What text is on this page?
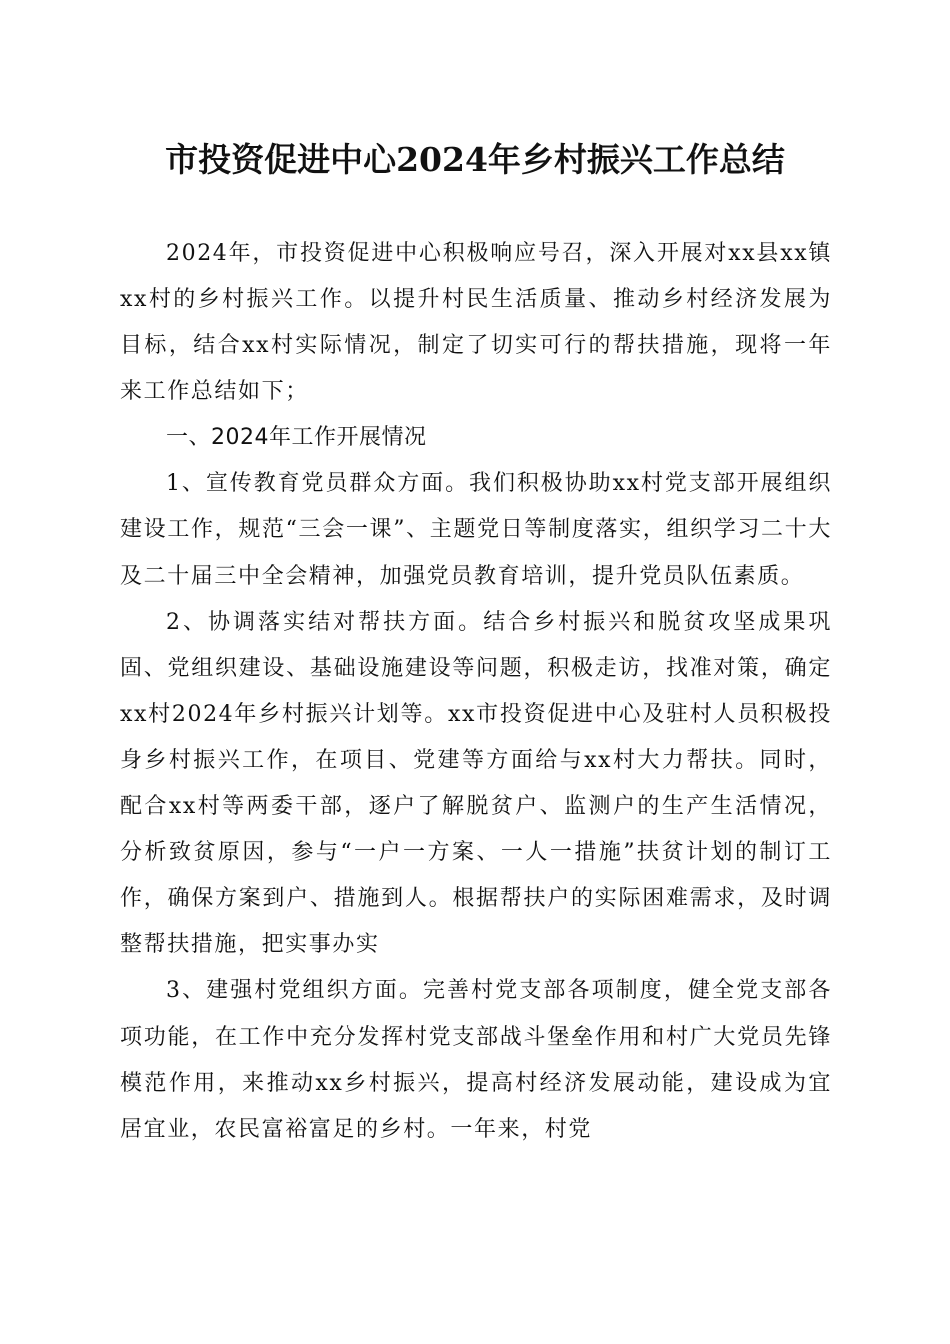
市投资促进中心2024年乡村振兴工作总结

2024年，市投资促进中心积极响应号召，深入开展对xx县xx镇xx村的乡村振兴工作。以提升村民生活质量、推动乡村经济发展为目标，结合xx村实际情况，制定了切实可行的帮扶措施，现将一年来工作总结如下；

一、2024年工作开展情况

1、宣传教育党员群众方面。我们积极协助xx村党支部开展组织建设工作，规范“三会一课”、主题党日等制度落实，组织学习二十大及二十届三中全会精神，加强党员教育培训，提升党员队伍素质。

2、协调落实结对帮扶方面。结合乡村振兴和脱贫攻坚成果巩固、党组织建设、基础设施建设等问题，积极走访，找准对策，确定xx村2024年乡村振兴计划等。xx市投资促进中心及驻村人员积极投身乡村振兴工作，在项目、党建等方面给与xx村大力帮扶。同时，配合xx村等两委干部，逐户了解脱贫户、监测户的生产生活情况，分析致贫原因，参与“一户一方案、一人一措施”扶贫计划的制订工作，确保方案到户、措施到人。根据帮扶户的实际困难需求，及时调整帮扶措施，把实事办实

3、建强村党组织方面。完善村党支部各项制度，健全党支部各项功能，在工作中充分发挥村党支部战斗堡垒作用和村广大党员先锋模范作用，来推动xx乡村振兴，提高村经济发展动能，建设成为宜居宜业，农民富裕富足的乡村。一年来，村党
